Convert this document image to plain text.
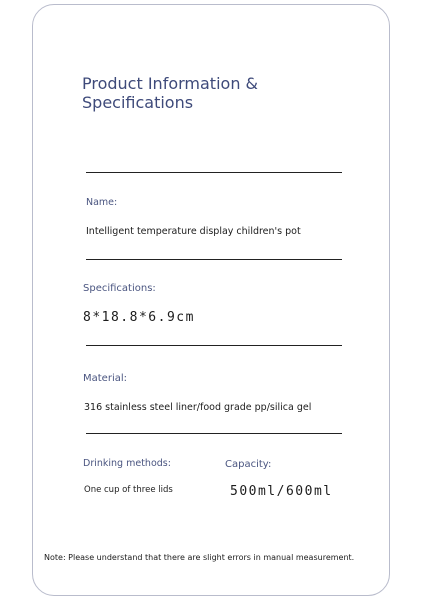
Product Information &
Specifications
Name:
Intelligent temperature display children's pot
Specifications:
8*18.8*6.9cm
Material:
316 stainless steel liner/food grade pp/silica gel
Drinking methods:
One cup of three lids
Capacity:
500ml/600ml
Note: Please understand that there are slight errors in manual measurement.
